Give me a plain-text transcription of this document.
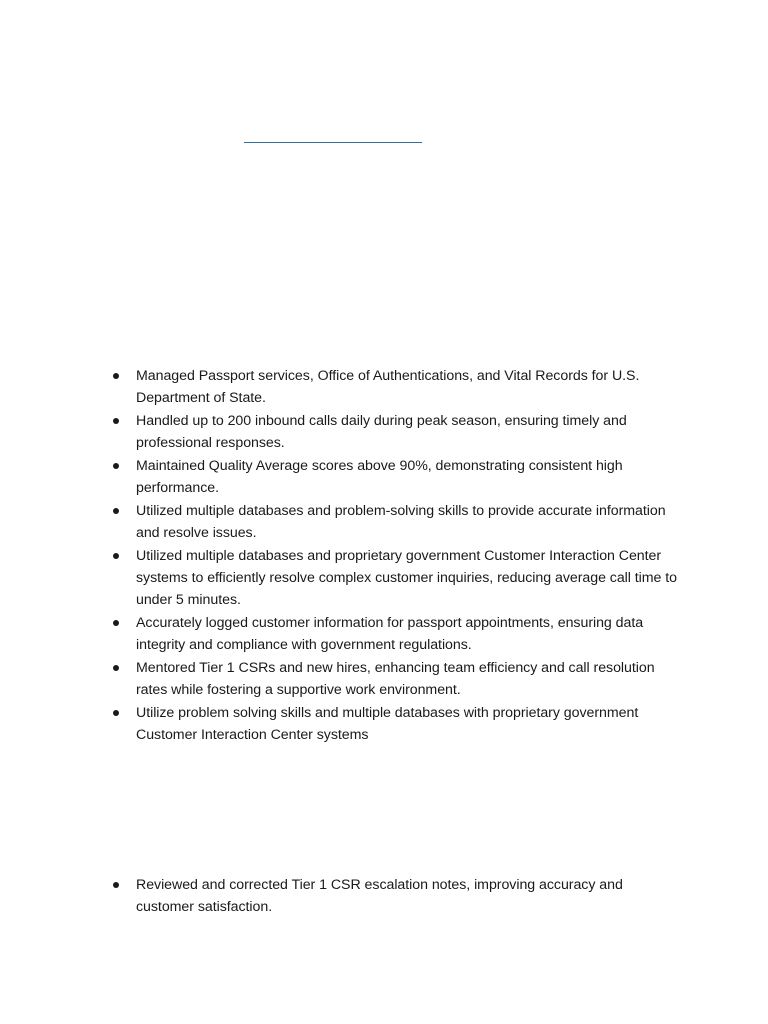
Managed Passport services, Office of Authentications, and Vital Records for U.S. Department of State.
Handled up to 200 inbound calls daily during peak season, ensuring timely and professional responses.
Maintained Quality Average scores above 90%, demonstrating consistent high performance.
Utilized multiple databases and problem-solving skills to provide accurate information and resolve issues.
Utilized multiple databases and proprietary government Customer Interaction Center systems to efficiently resolve complex customer inquiries, reducing average call time to under 5 minutes.
Accurately logged customer information for passport appointments, ensuring data integrity and compliance with government regulations.
Mentored Tier 1 CSRs and new hires, enhancing team efficiency and call resolution rates while fostering a supportive work environment.
Utilize problem solving skills and multiple databases with proprietary government Customer Interaction Center systems
Reviewed and corrected Tier 1 CSR escalation notes, improving accuracy and customer satisfaction.
